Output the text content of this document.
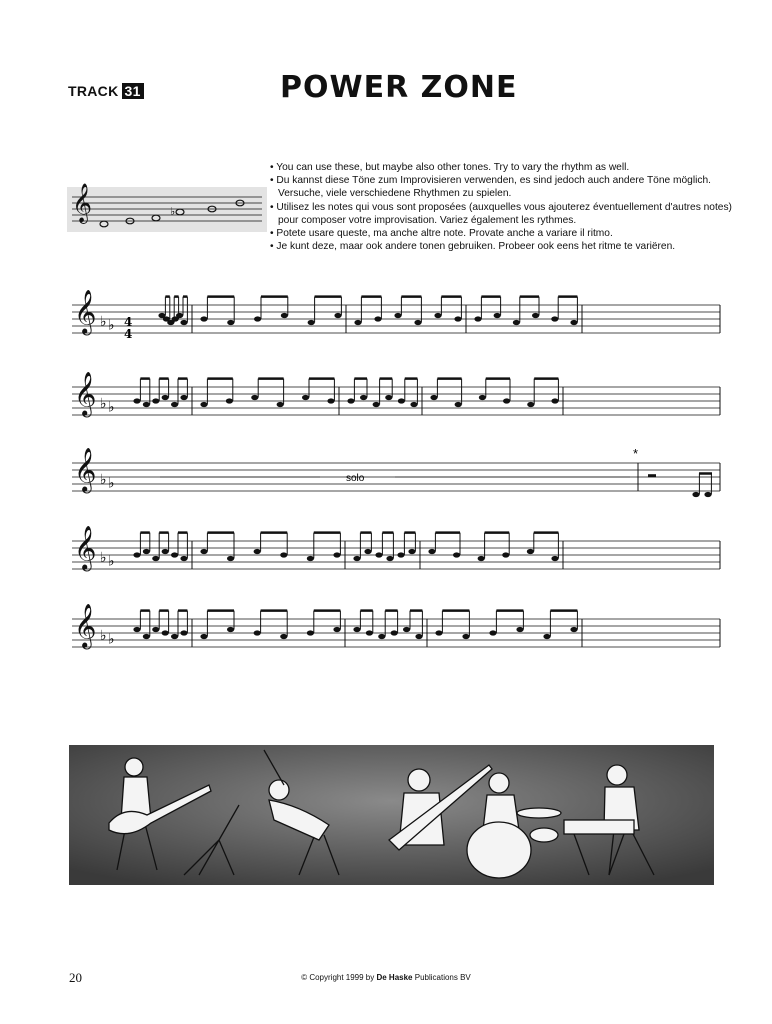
TRACK 31	POWER ZONE
• You can use these, but maybe also other tones. Try to vary the rhythm as well.
• Du kannst diese Töne zum Improvisieren verwenden, es sind jedoch auch andere Töne möglich. Versuche, viele verschiedene Rhythmen zu spielen.
• Utilisez les notes qui vous sont proposées (auxquelles vous ajouterez éventuellement d'autres notes) pour composer votre improvisation. Variez également les rythmes.
• Potete usare queste, ma anche altre note. Provate anche a variare il ritmo.
• Je kunt deze, maar ook andere tonen gebruiken. Probeer ook eens het ritme te variëren.
𝄞	♭
𝄞 ♭ ♭
𝄞 ♭ ♭
𝄞 ♭ ♭
𝄞 ♭ ♭
𝄞 ♭ ♭
4
4
solo
*
20	© Copyright 1999 by De Haske Publications BV
